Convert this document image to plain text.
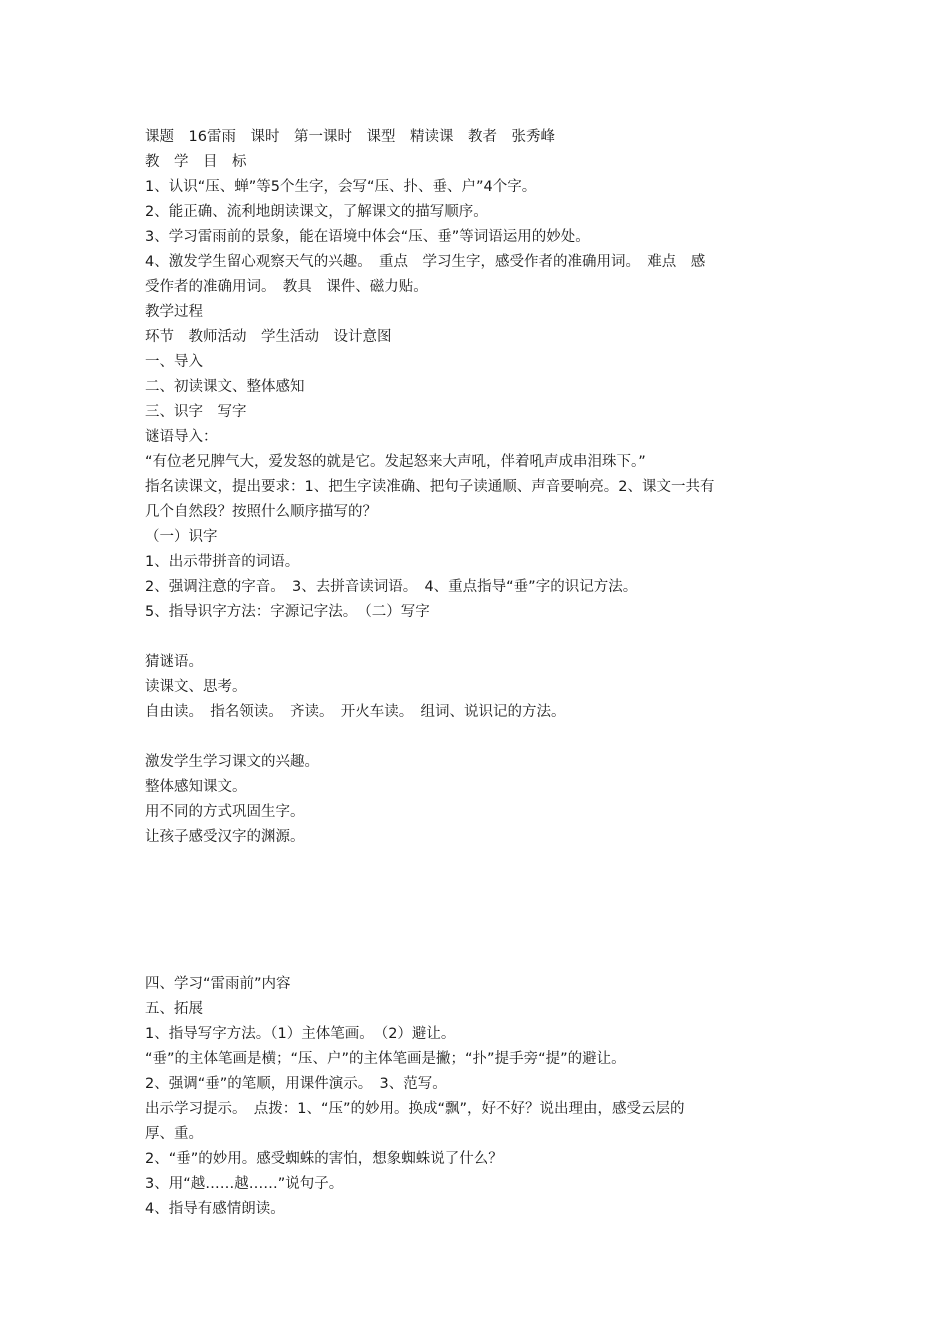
课题　16雷雨　课时　第一课时　课型　精读课　教者　张秀峰
教　学　目　标
1、认识“压、蝉”等5个生字，会写“压、扑、垂、户”4个字。
2、能正确、流利地朗读课文，了解课文的描写顺序。
3、学习雷雨前的景象，能在语境中体会“压、垂”等词语运用的妙处。
4、激发学生留心观察天气的兴趣。　重点　学习生字，感受作者的准确用词。　难点　感
受作者的准确用词。　教具　课件、磁力贴。
教学过程
环节　教师活动　学生活动　设计意图
一、导入
二、初读课文、整体感知
三、识字　写字
谜语导入：
“有位老兄脾气大，爱发怒的就是它。发起怒来大声吼，伴着吼声成串泪珠下。”
指名读课文，提出要求：1、把生字读准确、把句子读通顺、声音要响亮。2、课文一共有
几个自然段？按照什么顺序描写的？
（一）识字
1、出示带拼音的词语。
2、强调注意的字音。　3、去拼音读词语。　4、重点指导“垂”字的识记方法。
5、指导识字方法：字源记字法。　（二）写字
猜谜语。
读课文、思考。
自由读。　指名领读。　齐读。　开火车读。　组词、说识记的方法。
激发学生学习课文的兴趣。
整体感知课文。
用不同的方式巩固生字。
让孩子感受汉字的渊源。
四、学习“雷雨前”内容
五、拓展
1、指导写字方法。（1）主体笔画。　（2）避让。
“垂”的主体笔画是横；“压、户”的主体笔画是撇；“扑”提手旁“提”的避让。
2、强调“垂”的笔顺，用课件演示。　3、范写。
出示学习提示。　点拨：1、“压”的妙用。换成“飘”，好不好？说出理由，感受云层的
厚、重。
2、“垂”的妙用。感受蜘蛛的害怕，想象蜘蛛说了什么？
3、用“越……越……”说句子。
4、指导有感情朗读。
